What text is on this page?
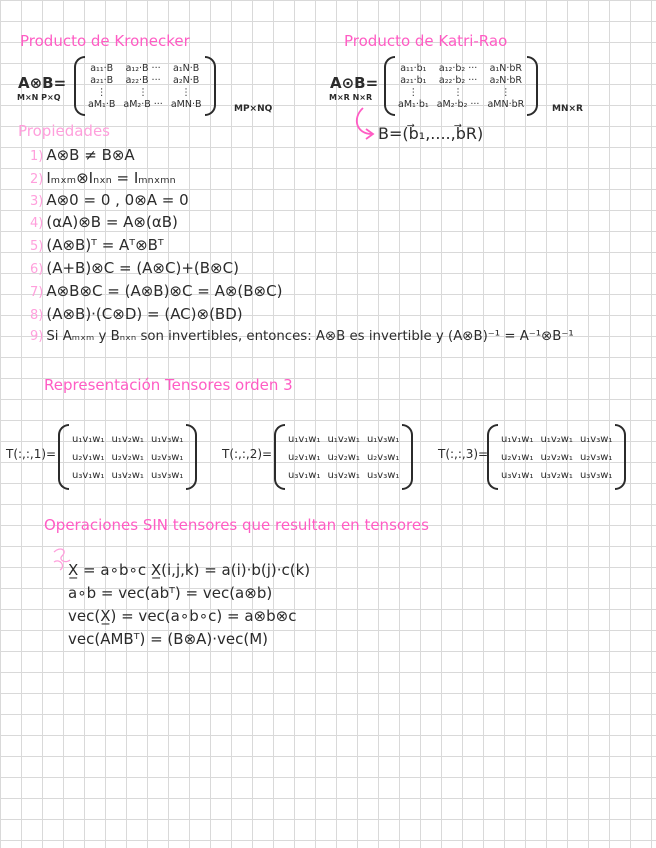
Producto de Kronecker
A⊗B=
M×N P×Q
a₁₁·B a₁₂·B ··· a₁N·B
a₂₁·B a₂₂·B ··· a₂N·B
⋮	⋮	⋮
aM₁·B aM₂·B ··· aMN·B	MP×NQ
Producto de Katri-Rao
A⊙B=
M×R N×R
a₁₁·b₁ a₁₂·b₂ ··· a₁N·bR
a₂₁·b₁ a₂₂·b₂ ··· a₂N·bR
⋮	⋮	⋮
aM₁·b₁ aM₂·b₂ ··· aMN·bR	MN×R
B=(b⃗₁,....,b⃗R)
Propiedades
1) A⊗B ≠ B⊗A
2) Iₘₓₘ⊗Iₙₓₙ = Iₘₙₓₘₙ
3) A⊗0 = 0 , 0⊗A = 0
4) (αA)⊗B = A⊗(αB)
5) (A⊗B)ᵀ = Aᵀ⊗Bᵀ
6) (A+B)⊗C = (A⊗C)+(B⊗C)
7) A⊗B⊗C = (A⊗B)⊗C = A⊗(B⊗C)
8) (A⊗B)·(C⊗D) = (AC)⊗(BD)
9) Si Aₘₓₘ y Bₙₓₙ son invertibles, entonces: A⊗B es invertible y (A⊗B)⁻¹ = A⁻¹⊗B⁻¹
Representación Tensores orden 3
T(:,:,1)=
u₁v₁w₁ u₁v₂w₁ u₁v₃w₁
u₂v₁w₁ u₂v₂w₁ u₂v₃w₁
u₃v₁w₁ u₃v₂w₁ u₃v₃w₁
T(:,:,2)=
u₁v₁w₁ u₁v₂w₁ u₁v₃w₁
u₂v₁w₁ u₂v₂w₁ u₂v₃w₁
u₃v₁w₁ u₃v₂w₁ u₃v₃w₁
T(:,:,3)=
u₁v₁w₁ u₁v₂w₁ u₁v₃w₁
u₂v₁w₁ u₂v₂w₁ u₂v₃w₁
u₃v₁w₁ u₃v₂w₁ u₃v₃w₁
Operaciones SIN tensores que resultan en tensores
X̲ = a∘b∘c X̲(i,j,k) = a(i)·b(j)·c(k)
a∘b = vec(abᵀ) = vec(a⊗b)
vec(X̲) = vec(a∘b∘c) = a⊗b⊗c
vec(AMBᵀ) = (B⊗A)·vec(M)
